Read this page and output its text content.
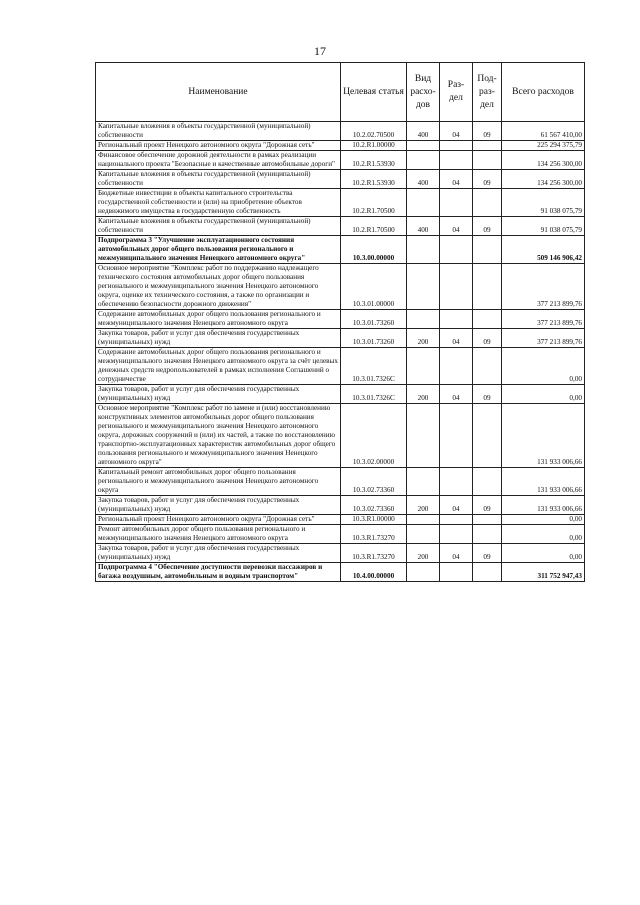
17
Наименование	Целевая статья	Вид расхо-дов	Раз-дел	Под-раз-дел	Всего расходов
Капитальные вложения в объекты государственной (муниципальной) собственности	10.2.02.70500	400	04	09	61 567 410,00
Региональный проект Ненецкого автономного округа "Дорожная сеть"	10.2.R1.00000				225 294 375,79
Финансовое обеспечение дорожной деятельности в рамках реализации национального проекта "Безопасные и качественные автомобильные дороги"	10.2.R1.53930				134 256 300,00
Капитальные вложения в объекты государственной (муниципальной) собственности	10.2.R1.53930	400	04	09	134 256 300,00
Бюджетные инвестиции в объекты капитального строительства государственной собственности и (или) на приобретение объектов недвижимого имущества в государственную собственность	10.2.R1.70500				91 038 075,79
Капитальные вложения в объекты государственной (муниципальной) собственности	10.2.R1.70500	400	04	09	91 038 075,79
Подпрограмма 3 "Улучшение эксплуатационного состояния автомобильных дорог общего пользования регионального и межмуниципального значения Ненецкого автономного округа"	10.3.00.00000				509 146 906,42
Основное мероприятие "Комплекс работ по поддержанию надлежащего технического состояния автомобильных дорог общего пользования регионального и межмуниципального значения Ненецкого автономного округа, оценке их технического состояния, а также по организации и обеспечению безопасности дорожного движения"	10.3.01.00000				377 213 899,76
Содержание автомобильных дорог общего пользования регионального и межмуниципального значения Ненецкого автономного округа	10.3.01.73260				377 213 899,76
Закупка товаров, работ и услуг для обеспечения государственных (муниципальных) нужд	10.3.01.73260	200	04	09	377 213 899,76
Содержание автомобильных дорог общего пользования регионального и межмуниципального значения Ненецкого автономного округа за счёт целевых денежных средств недропользователей в рамках исполнения Соглашений о сотрудничестве	10.3.01.7326С				0,00
Закупка товаров, работ и услуг для обеспечения государственных (муниципальных) нужд	10.3.01.7326С	200	04	09	0,00
Основное мероприятие "Комплекс работ по замене и (или) восстановлению конструктивных элементов автомобильных дорог общего пользования регионального и межмуниципального значения Ненецкого автономного округа, дорожных сооружений и (или) их частей, а также по восстановлению транспортно-эксплуатационных характеристик автомобильных дорог общего пользования регионального и межмуниципального значения Ненецкого автономного округа"	10.3.02.00000				131 933 006,66
Капитальный ремонт автомобильных дорог общего пользования регионального и межмуниципального значения Ненецкого автономного округа	10.3.02.73360				131 933 006,66
Закупка товаров, работ и услуг для обеспечения государственных (муниципальных) нужд	10.3.02.73360	200	04	09	131 933 006,66
Региональный проект Ненецкого автономного округа "Дорожная сеть"	10.3.R1.00000				0,00
Ремонт автомобильных дорог общего пользования регионального и межмуниципального значения Ненецкого автономного округа	10.3.R1.73270				0,00
Закупка товаров, работ и услуг для обеспечения государственных (муниципальных) нужд	10.3.R1.73270	200	04	09	0,00
Подпрограмма 4 "Обеспечение доступности перевозки пассажиров и багажа воздушным, автомобильным и водным транспортом"	10.4.00.00000				311 752 947,43
